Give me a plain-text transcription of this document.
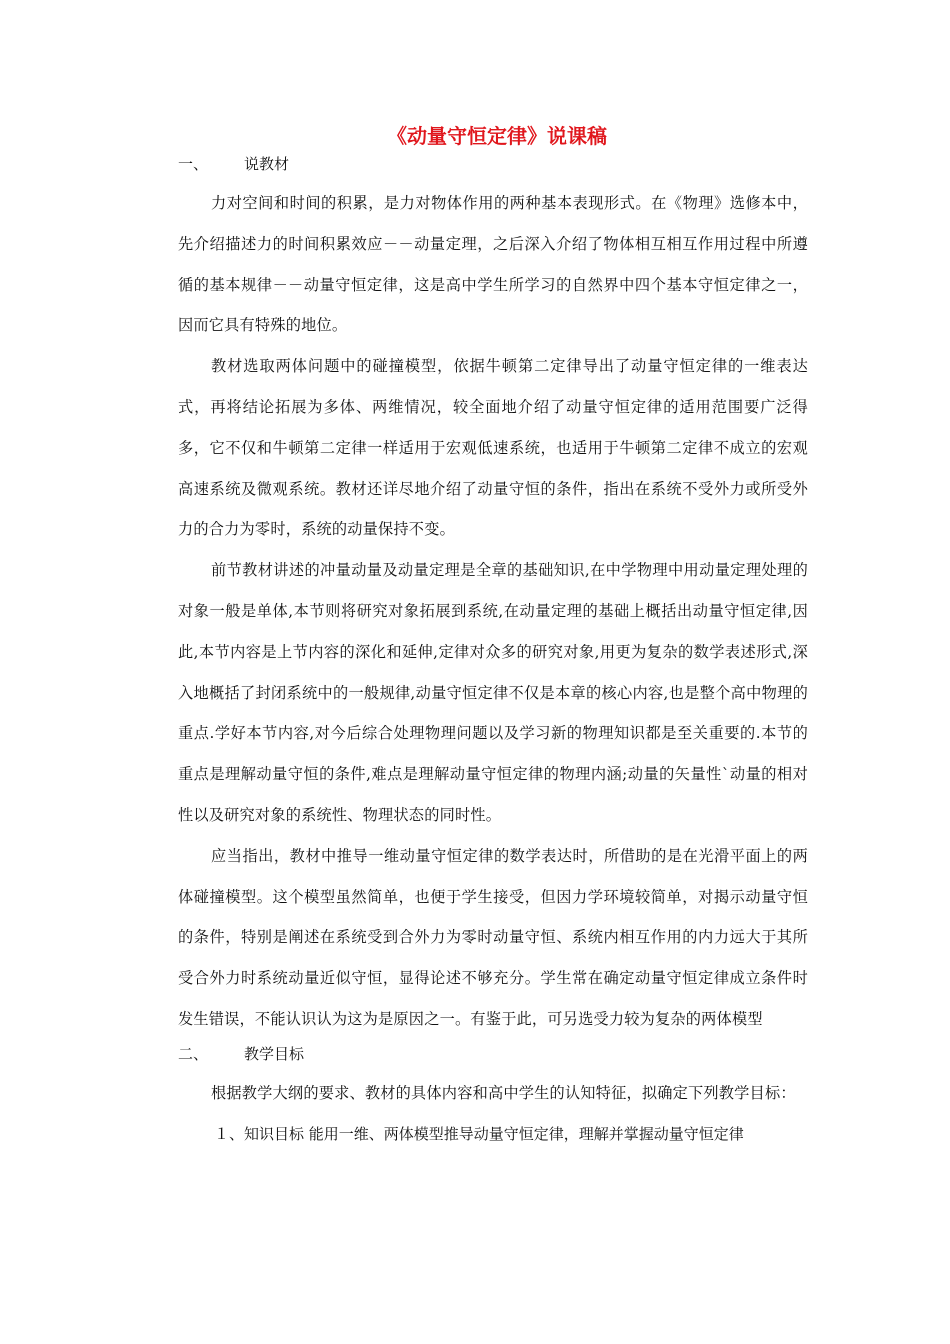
《动量守恒定律》说课稿
一、 说教材

力对空间和时间的积累，是力对物体作用的两种基本表现形式。在《物理》选修本中，先介绍描述力的时间积累效应－－动量定理，之后深入介绍了物体相互相互作用过程中所遵循的基本规律－－动量守恒定律，这是高中学生所学习的自然界中四个基本守恒定律之一，因而它具有特殊的地位。

教材选取两体问题中的碰撞模型，依据牛顿第二定律导出了动量守恒定律的一维表达式，再将结论拓展为多体、两维情况，较全面地介绍了动量守恒定律的适用范围要广泛得多，它不仅和牛顿第二定律一样适用于宏观低速系统，也适用于牛顿第二定律不成立的宏观高速系统及微观系统。教材还详尽地介绍了动量守恒的条件，指出在系统不受外力或所受外力的合力为零时，系统的动量保持不变。

前节教材讲述的冲量动量及动量定理是全章的基础知识,在中学物理中用动量定理处理的对象一般是单体,本节则将研究对象拓展到系统,在动量定理的基础上概括出动量守恒定律,因此,本节内容是上节内容的深化和延伸,定律对众多的研究对象,用更为复杂的数学表述形式,深入地概括了封闭系统中的一般规律,动量守恒定律不仅是本章的核心内容,也是整个高中物理的重点.学好本节内容,对今后综合处理物理问题以及学习新的物理知识都是至关重要的.本节的重点是理解动量守恒的条件,难点是理解动量守恒定律的物理内涵;动量的矢量性`动量的相对性以及研究对象的系统性、物理状态的同时性。

应当指出，教材中推导一维动量守恒定律的数学表达时，所借助的是在光滑平面上的两体碰撞模型。这个模型虽然简单，也便于学生接受，但因力学环境较简单，对揭示动量守恒的条件，特别是阐述在系统受到合外力为零时动量守恒、系统内相互作用的内力远大于其所受合外力时系统动量近似守恒，显得论述不够充分。学生常在确定动量守恒定律成立条件时发生错误，不能认识认为这为是原因之一。有鉴于此，可另选受力较为复杂的两体模型

二、 教学目标

根据教学大纲的要求、教材的具体内容和高中学生的认知特征，拟确定下列教学目标：

１、知识目标 能用一维、两体模型推导动量守恒定律，理解并掌握动量守恒定律
